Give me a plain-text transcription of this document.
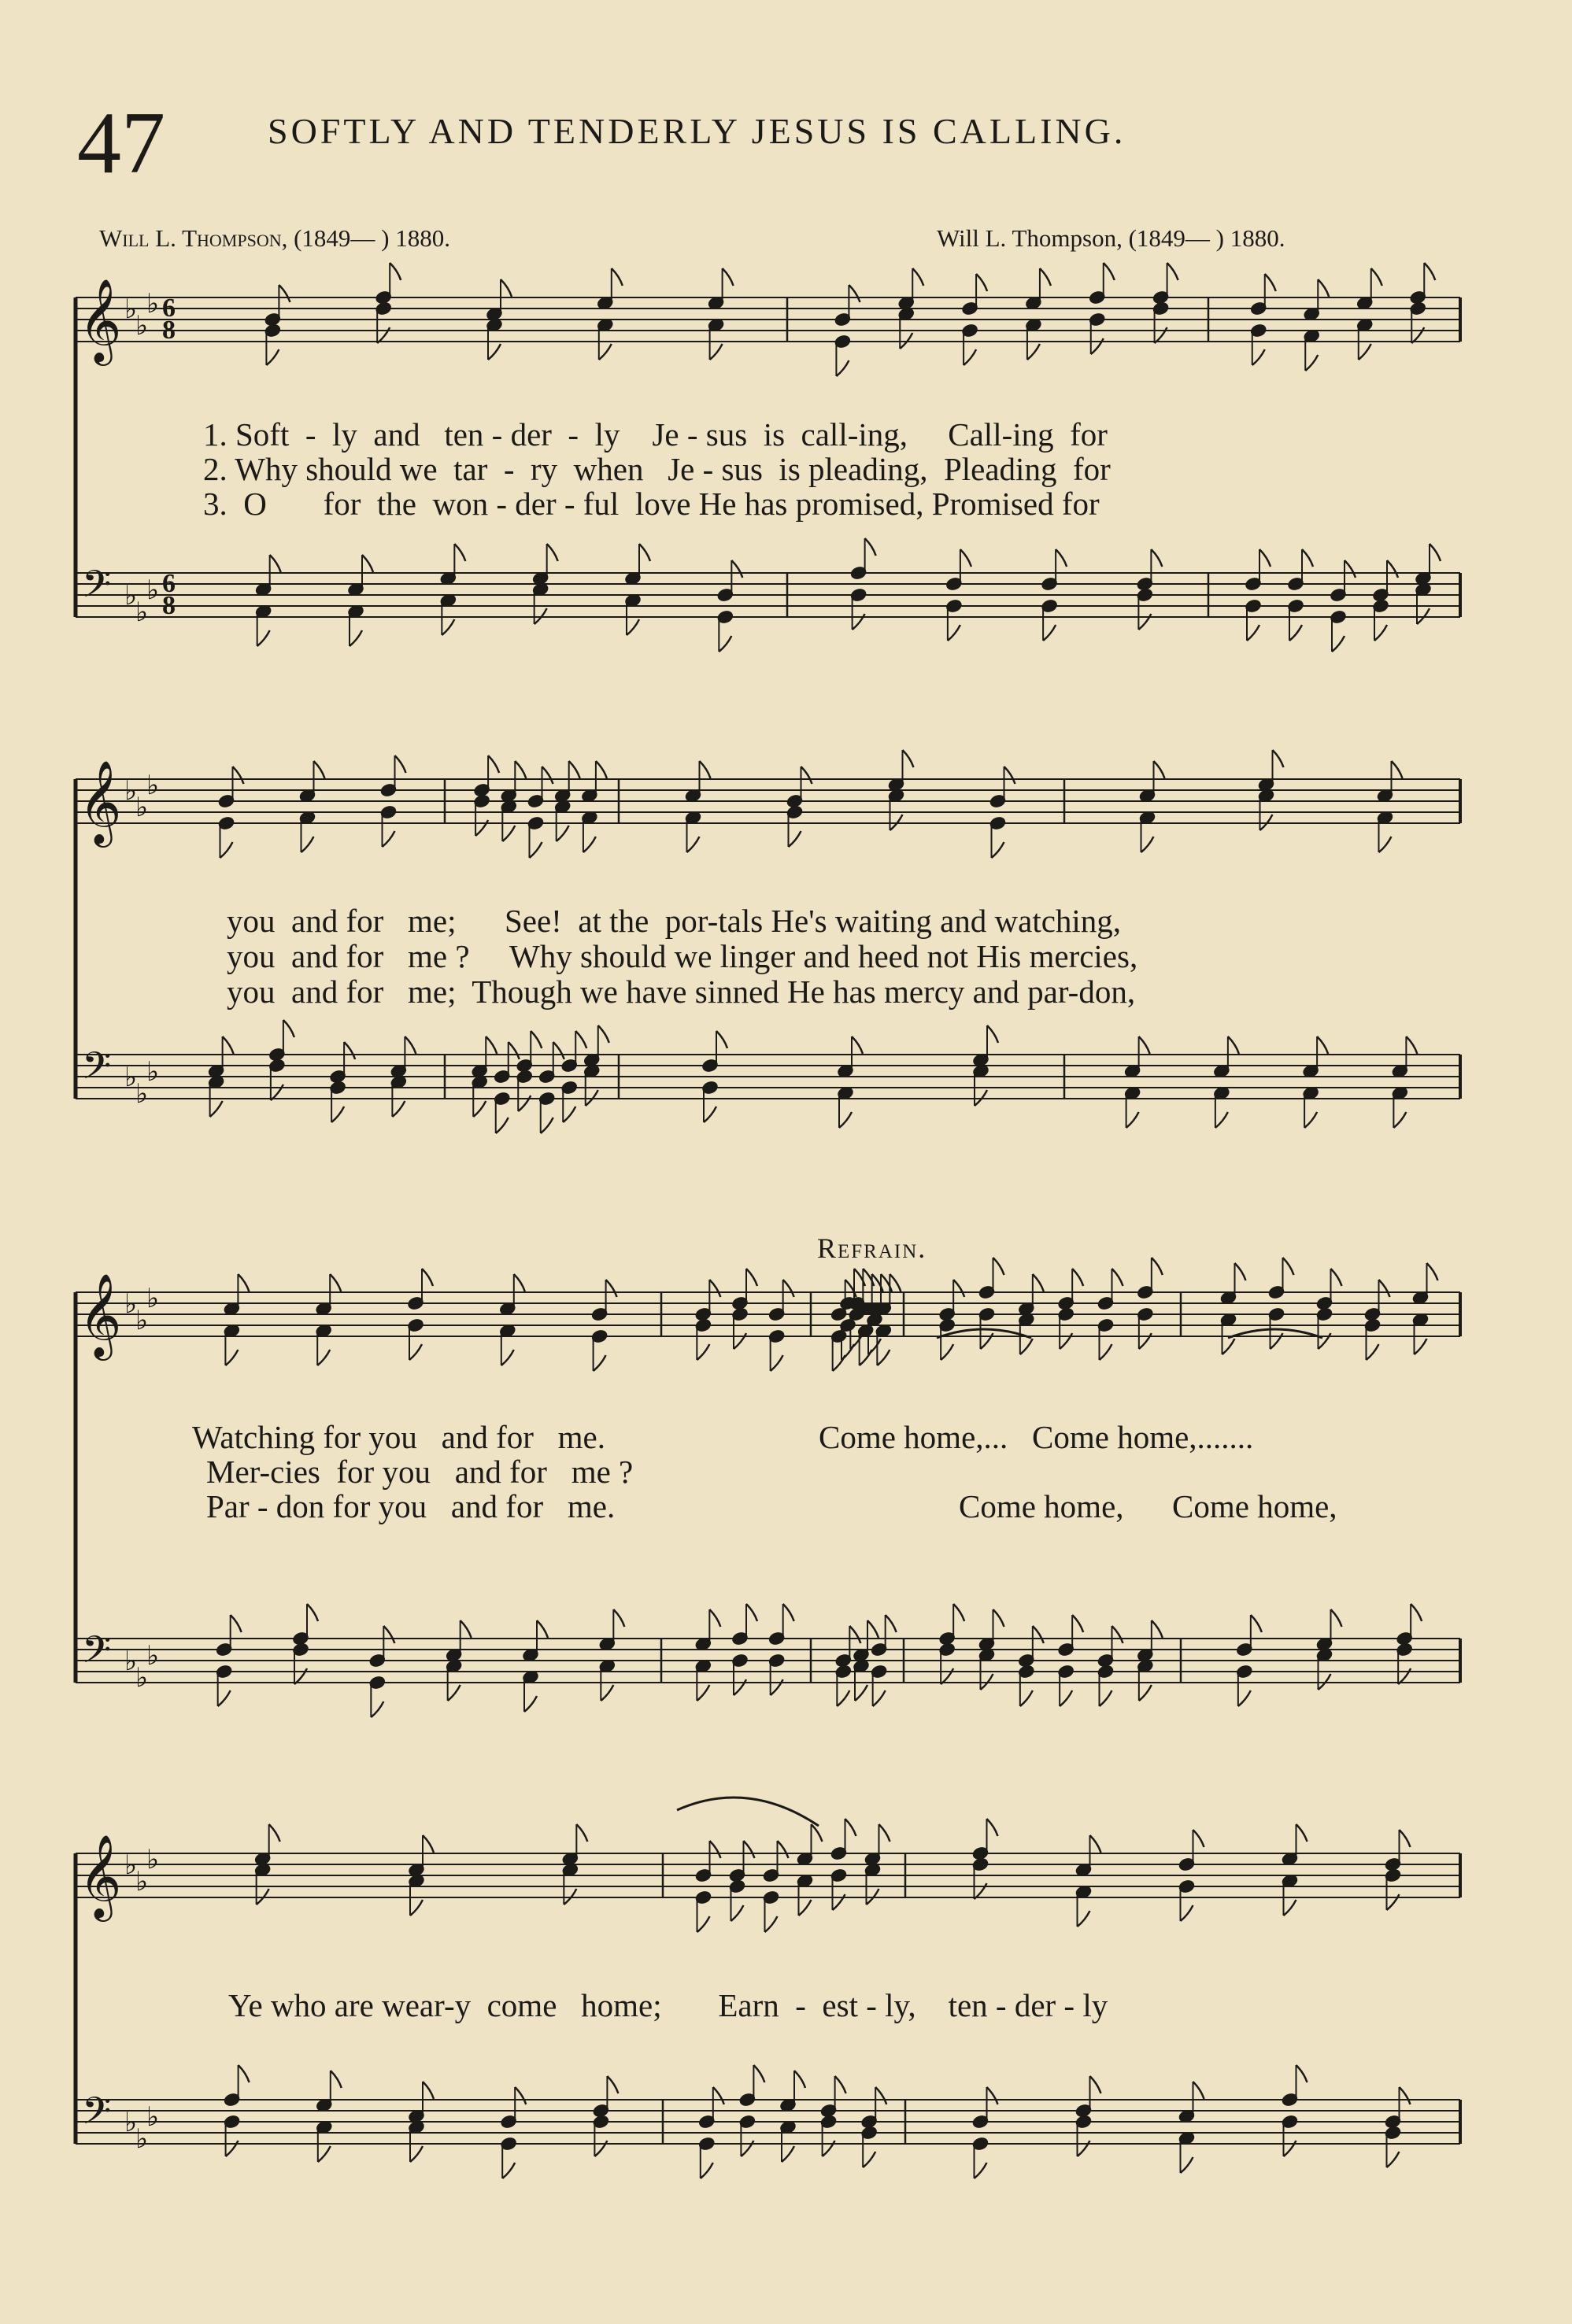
47	SOFTLY AND TENDERLY JESUS IS CALLING.
Will L. Thompson, (1849— ) 1880.	Will L. Thompson, (1849— ) 1880.
𝄞
𝄢
♭
♭
♭
♭
♭
♭
6
8
6
8
𝄞
𝄢
♭
♭
♭
♭
♭
♭
𝄞
𝄢
♭
♭
♭
♭
♭
♭
𝄞
𝄢
♭
♭
♭
♭
♭
♭
1. Soft  -  ly  and   ten - der  -  ly    Je - sus  is  call-ing,     Call-ing  for
2. Why should we  tar  -  ry  when   Je - sus  is pleading,  Pleading  for
3.  O       for  the  won - der - ful  love He has promised, Promised for
you  and for   me;      See!  at the  por-tals He's waiting and watching,
you  and for   me ?     Why should we linger and heed not His mercies,
you  and for   me;  Though we have sinned He has mercy and par-don,
Refrain.
Watching for you   and for   me.
Mer-cies  for you   and for   me ?
Par - don for you   and for   me.
Come home,...   Come home,.......
Come home,      Come home,
Ye who are wear-y  come   home;       Earn  -  est - ly,    ten - der - ly
